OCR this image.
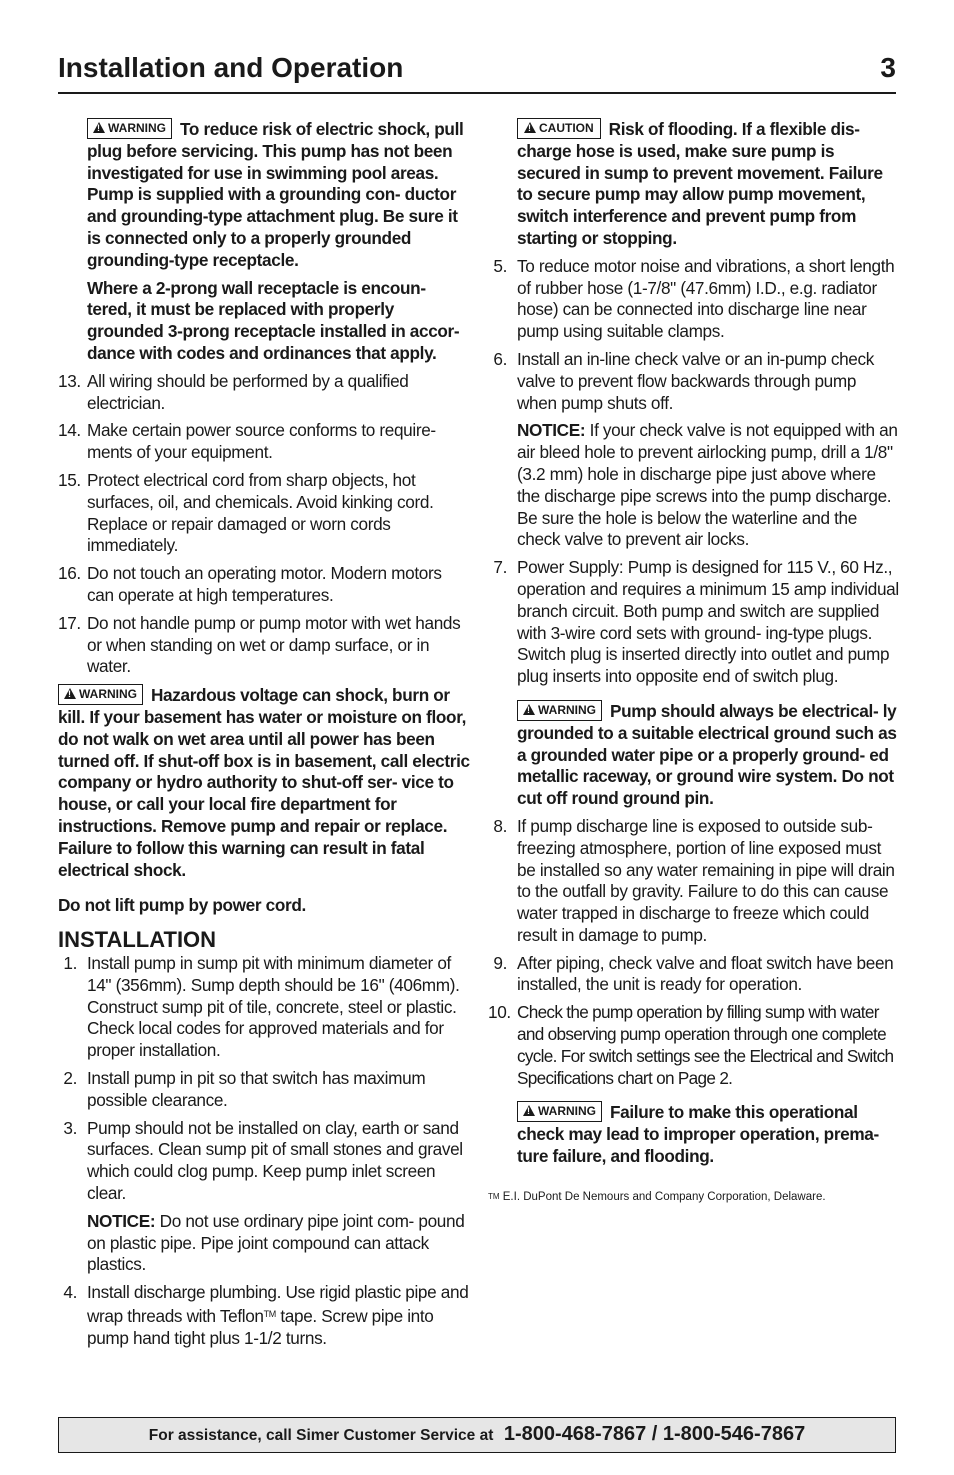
Installation and Operation	3

!WARNING To reduce risk of electric shock, pull plug before servicing. This pump has not been investigated for use in swimming pool areas. Pump is supplied with a grounding con- ductor and grounding-type attachment plug. Be sure it is connected only to a properly grounded grounding-type receptacle.

Where a 2-prong wall receptacle is encoun- tered, it must be replaced with properly grounded 3-prong receptacle installed in accor- dance with codes and ordinances that apply.

13. All wiring should be performed by a qualified electrician.
14. Make certain power source conforms to require- ments of your equipment.
15. Protect electrical cord from sharp objects, hot surfaces, oil, and chemicals. Avoid kinking cord. Replace or repair damaged or worn cords immediately.
16. Do not touch an operating motor. Modern motors can operate at high temperatures.
17. Do not handle pump or pump motor with wet hands or when standing on wet or damp surface, or in water.

!WARNING Hazardous voltage can shock, burn or kill. If your basement has water or moisture on floor, do not walk on wet area until all power has been turned off. If shut-off box is in basement, call electric company or hydro authority to shut-off ser- vice to house, or call your local fire department for instructions. Remove pump and repair or replace. Failure to follow this warning can result in fatal electrical shock.

Do not lift pump by power cord.

INSTALLATION

1. Install pump in sump pit with minimum diameter of 14" (356mm). Sump depth should be 16" (406mm). Construct sump pit of tile, concrete, steel or plastic. Check local codes for approved materials and for proper installation.
2. Install pump in pit so that switch has maximum possible clearance.
3. Pump should not be installed on clay, earth or sand surfaces. Clean sump pit of small stones and gravel which could clog pump. Keep pump inlet screen clear.

NOTICE: Do not use ordinary pipe joint com- pound on plastic pipe. Pipe joint compound can attack plastics.

4. Install discharge plumbing. Use rigid plastic pipe and wrap threads with Teflon™ tape. Screw pipe into pump hand tight plus 1-1/2 turns.

!CAUTION Risk of flooding. If a flexible dis- charge hose is used, make sure pump is secured in sump to prevent movement. Failure to secure pump may allow pump movement, switch interference and prevent pump from starting or stopping.

5. To reduce motor noise and vibrations, a short length of rubber hose (1-7/8" (47.6mm) I.D., e.g. radiator hose) can be connected into discharge line near pump using suitable clamps.
6. Install an in-line check valve or an in-pump check valve to prevent flow backwards through pump when pump shuts off.

NOTICE: If your check valve is not equipped with an air bleed hole to prevent airlocking pump, drill a 1/8" (3.2 mm) hole in discharge pipe just above where the discharge pipe screws into the pump discharge. Be sure the hole is below the waterline and the check valve to prevent air locks.

7. Power Supply: Pump is designed for 115 V., 60 Hz., operation and requires a minimum 15 amp individual branch circuit. Both pump and switch are supplied with 3-wire cord sets with ground- ing-type plugs. Switch plug is inserted directly into outlet and pump plug inserts into opposite end of switch plug.

!WARNING Pump should always be electrical- ly grounded to a suitable electrical ground such as a grounded water pipe or a properly ground- ed metallic raceway, or ground wire system. Do not cut off round ground pin.

8. If pump discharge line is exposed to outside sub- freezing atmosphere, portion of line exposed must be installed so any water remaining in pipe will drain to the outfall by gravity. Failure to do this can cause water trapped in discharge to freeze which could result in damage to pump.
9. After piping, check valve and float switch have been installed, the unit is ready for operation.
10. Check the pump operation by filling sump with water and observing pump operation through one complete cycle. For switch settings see the Electrical and Switch Specifications chart on Page 2.

!WARNING Failure to make this operational check may lead to improper operation, prema- ture failure, and flooding.

TM E.I. DuPont De Nemours and Company Corporation, Delaware.

For assistance, call Simer Customer Service at 1-800-468-7867 / 1-800-546-7867
